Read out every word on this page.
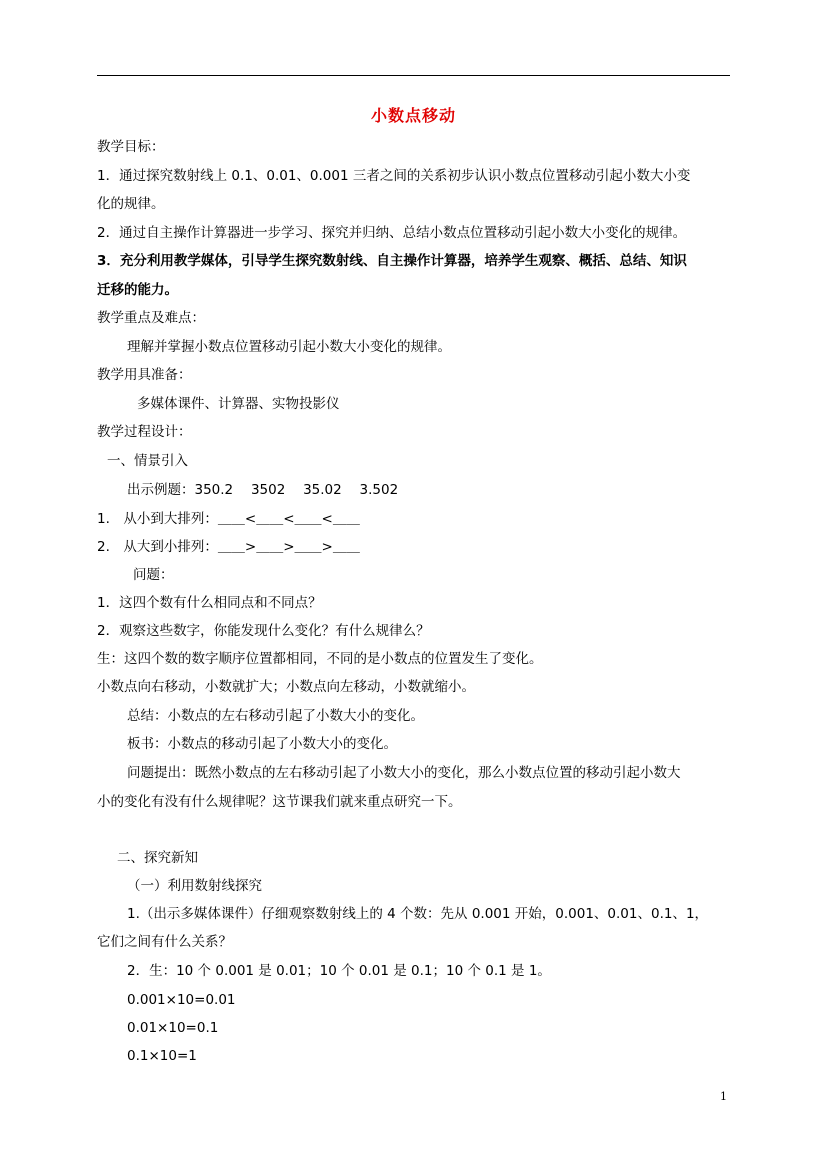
小数点移动
教学目标：
1．通过探究数射线上 0.1、0.01、0.001 三者之间的关系初步认识小数点位置移动引起小数大小变
化的规律。
2．通过自主操作计算器进一步学习、探究并归纳、总结小数点位置移动引起小数大小变化的规律。
3．充分利用教学媒体，引导学生探究数射线、自主操作计算器，培养学生观察、概括、总结、知识
迁移的能力。
教学重点及难点：
理解并掌握小数点位置移动引起小数大小变化的规律。
教学用具准备：
多媒体课件、计算器、实物投影仪
教学过程设计：
一、情景引入
出示例题：350.2　 3502　 35.02　 3.502
1.　从小到大排列：＿＿<＿＿<＿＿<＿＿
2.　从大到小排列：＿＿>＿＿>＿＿>＿＿
问题：
1．这四个数有什么相同点和不同点？
2．观察这些数字，你能发现什么变化？有什么规律么？
生：这四个数的数字顺序位置都相同，不同的是小数点的位置发生了变化。
小数点向右移动，小数就扩大；小数点向左移动，小数就缩小。
总结：小数点的左右移动引起了小数大小的变化。
板书：小数点的移动引起了小数大小的变化。
问题提出：既然小数点的左右移动引起了小数大小的变化，那么小数点位置的移动引起小数大
小的变化有没有什么规律呢？这节课我们就来重点研究一下。
二、探究新知
（一）利用数射线探究
1.（出示多媒体课件）仔细观察数射线上的 4 个数：先从 0.001 开始，0.001、0.01、0.1、1，
它们之间有什么关系？
2．生：10 个 0.001 是 0.01；10 个 0.01 是 0.1；10 个 0.1 是 1。
0.001×10=0.01
0.01×10=0.1
0.1×10=1
1
